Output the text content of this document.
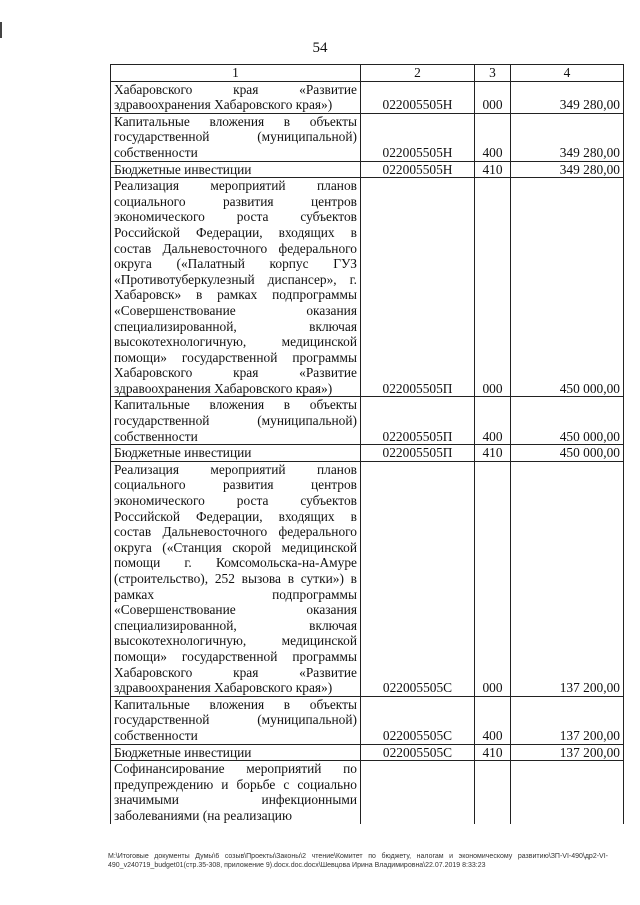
54
1	2	3	4
Хабаровского края «Развитие здравоохранения Хабаровского края»)	022005505Н	000	349 280,00
Капитальные вложения в объекты государственной (муниципальной) собственности	022005505Н	400	349 280,00
Бюджетные инвестиции	022005505Н	410	349 280,00
Реализация мероприятий планов социального развития центров экономического роста субъектов Российской Федерации, входящих в состав Дальневосточного федерального округа («Палатный корпус ГУЗ «Противотуберкулезный диспансер», г. Хабаровск» в рамках подпрограммы «Совершенствование оказания специализированной, включая высокотехнологичную, медицинской помощи» государственной программы Хабаровского края «Развитие здравоохранения Хабаровского края»)	022005505П	000	450 000,00
Капитальные вложения в объекты государственной (муниципальной) собственности	022005505П	400	450 000,00
Бюджетные инвестиции	022005505П	410	450 000,00
Реализация мероприятий планов социального развития центров экономического роста субъектов Российской Федерации, входящих в состав Дальневосточного федерального округа («Станция скорой медицинской помощи г. Комсомольска-на-Амуре (строительство), 252 вызова в сутки») в рамках подпрограммы «Совершенствование оказания специализированной, включая высокотехнологичную, медицинской помощи» государственной программы Хабаровского края «Развитие здравоохранения Хабаровского края»)	022005505С	000	137 200,00
Капитальные вложения в объекты государственной (муниципальной) собственности	022005505С	400	137 200,00
Бюджетные инвестиции	022005505С	410	137 200,00
Софинансирование мероприятий по предупреждению и борьбе с социально значимыми инфекционными заболеваниями (на реализацию			
M:\Итоговые документы Думы\6 созыв\Проекты\Законы\2 чтение\Комитет по бюджету, налогам и экономическому развитию\ЗП-VI-490\др2-VI-490_v240719_budget01(стр.35-308, приложение 9).docx.doc.docx\Шевцова Ирина Владимировна\22.07.2019 8:33:23
